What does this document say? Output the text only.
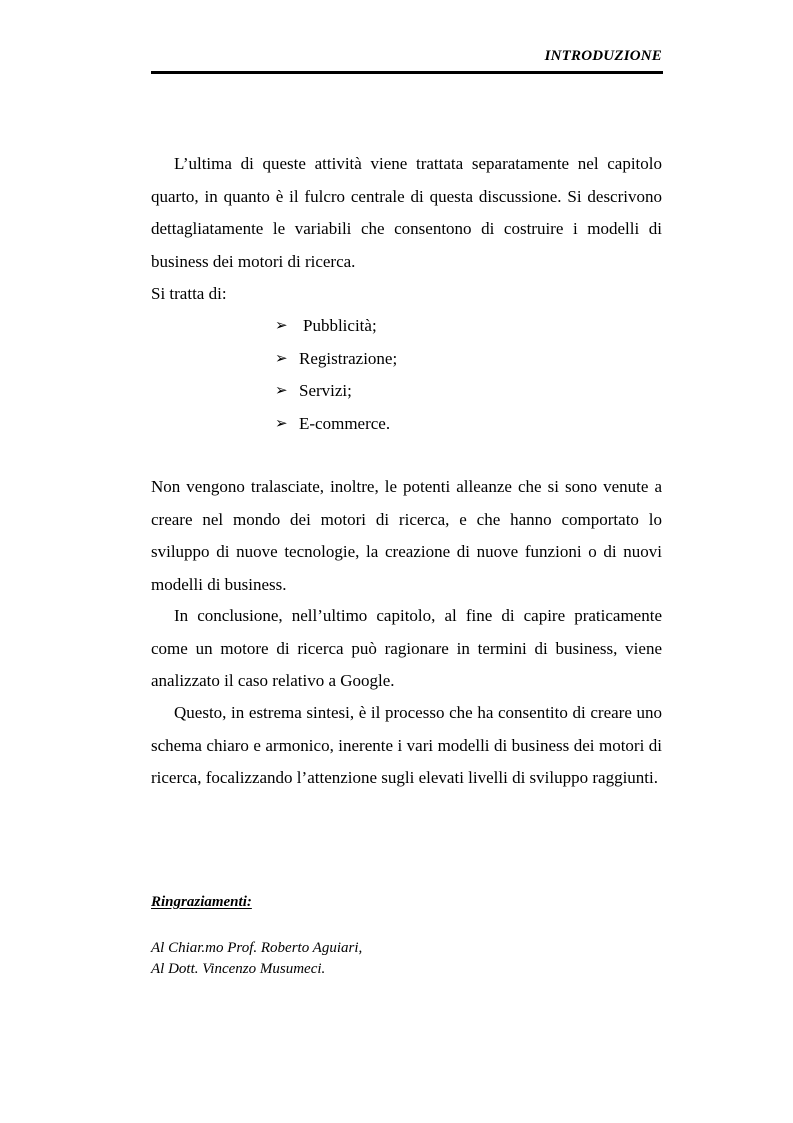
INTRODUZIONE

L’ultima di queste attività viene trattata separatamente nel capitolo quarto, in quanto è il fulcro centrale di questa discussione. Si descrivono dettagliatamente le variabili che consentono di costruire i modelli di business dei motori di ricerca.

Si tratta di:

➢ Pubblicità;
➢ Registrazione;
➢ Servizi;
➢ E-commerce.

Non vengono tralasciate, inoltre, le potenti alleanze che si sono venute a creare nel mondo dei motori di ricerca, e che hanno comportato lo sviluppo di nuove tecnologie, la creazione di nuove funzioni o di nuovi modelli di business.

In conclusione, nell’ultimo capitolo, al fine di capire praticamente come un motore di ricerca può ragionare in termini di business, viene analizzato il caso relativo a Google.

Questo, in estrema sintesi, è il processo che ha consentito di creare uno schema chiaro e armonico, inerente i vari modelli di business dei motori di ricerca, focalizzando l’attenzione sugli elevati livelli di sviluppo raggiunti.

Ringraziamenti:
Al Chiar.mo Prof. Roberto Aguiari,
Al Dott. Vincenzo Musumeci.
